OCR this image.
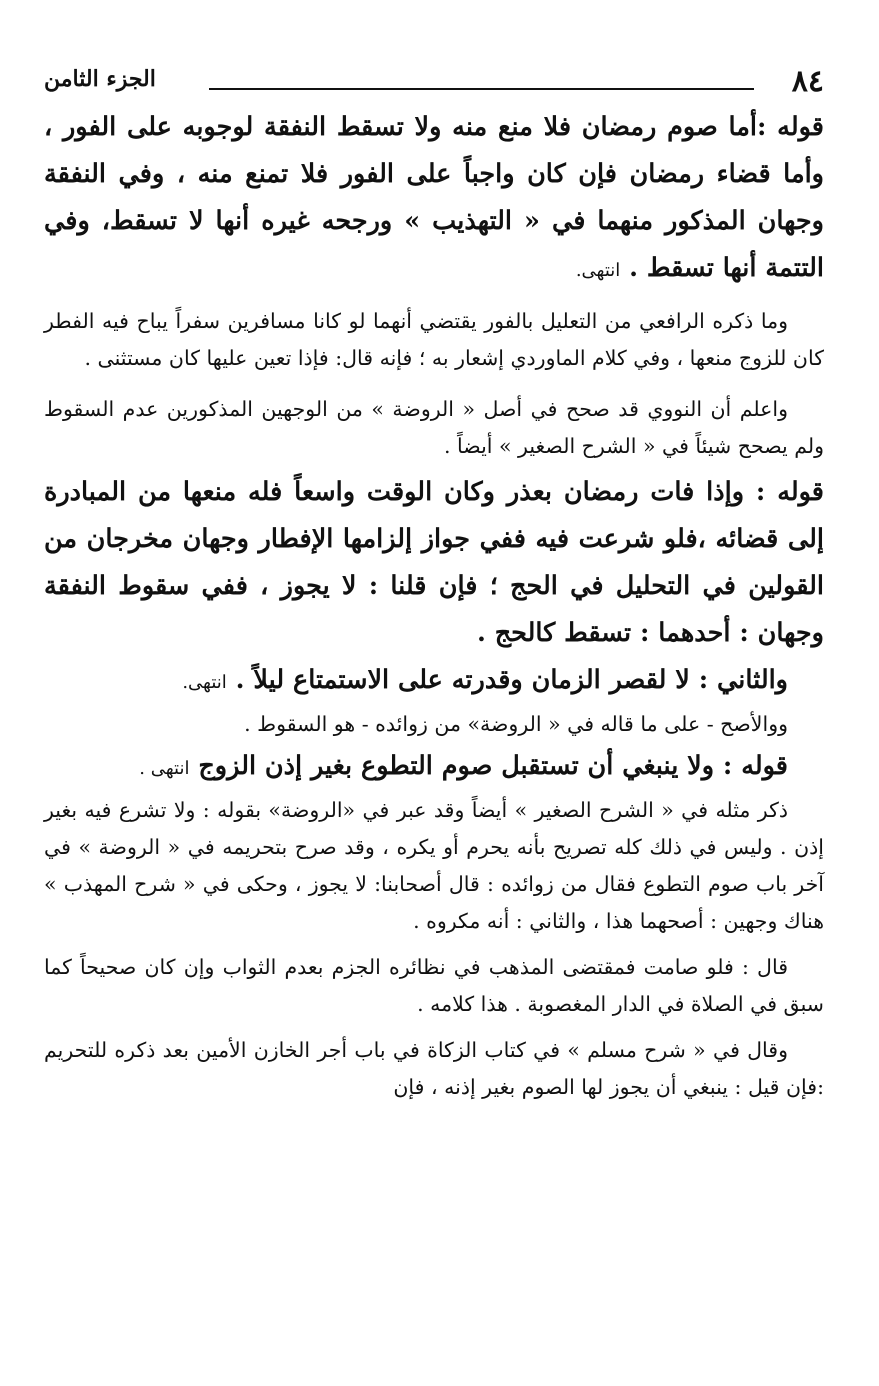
٨٤
الجزء الثامن

قوله :أما صوم رمضان فلا منع منه ولا تسقط النفقة لوجوبه على الفور ، وأما قضاء رمضان فإن كان واجباً على الفور فلا تمنع منه ، وفي النفقة وجهان المذكور منهما في « التهذيب » ورجحه غيره أنها لا تسقط، وفي التتمة أنها تسقط . انتهى.

وما ذكره الرافعي من التعليل بالفور يقتضي أنهما لو كانا مسافرين سفراً يباح فيه الفطر كان للزوج منعها ، وفي كلام الماوردي إشعار به ؛ فإنه قال: فإذا تعين عليها كان مستثنى .

واعلم أن النووي قد صحح في أصل « الروضة » من الوجهين المذكورين عدم السقوط ولم يصحح شيئاً في « الشرح الصغير » أيضاً .

قوله : وإذا فات رمضان بعذر وكان الوقت واسعاً فله منعها من المبادرة إلى قضائه ،فلو شرعت فيه ففي جواز إلزامها الإفطار وجهان مخرجان من القولين في التحليل في الحج ؛ فإن قلنا : لا يجوز ، ففي سقوط النفقة وجهان : أحدهما : تسقط كالحج .

والثاني : لا لقصر الزمان وقدرته على الاستمتاع ليلاً . انتهى.

ووالأصح - على ما قاله في « الروضة» من زوائده - هو السقوط .

قوله : ولا ينبغي أن تستقبل صوم التطوع بغير إذن الزوج انتهى .

ذكر مثله في « الشرح الصغير » أيضاً وقد عبر في «الروضة» بقوله : ولا تشرع فيه بغير إذن . وليس في ذلك كله تصريح بأنه يحرم أو يكره ، وقد صرح بتحريمه في « الروضة » في آخر باب صوم التطوع فقال من زوائده : قال أصحابنا: لا يجوز ، وحكى في « شرح المهذب » هناك وجهين : أصحهما هذا ، والثاني : أنه مكروه .

قال : فلو صامت فمقتضى المذهب في نظائره الجزم بعدم الثواب وإن كان صحيحاً كما سبق في الصلاة في الدار المغصوبة . هذا كلامه .

وقال في « شرح مسلم » في كتاب الزكاة في باب أجر الخازن الأمين بعد ذكره للتحريم :فإن قيل : ينبغي أن يجوز لها الصوم بغير إذنه ، فإن
